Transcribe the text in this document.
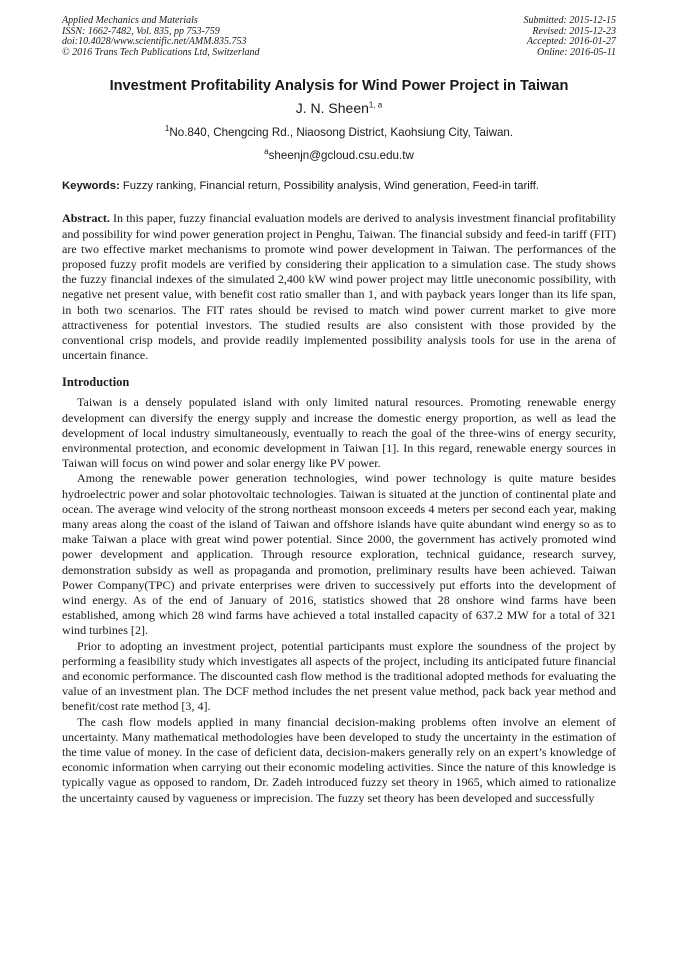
Applied Mechanics and Materials
ISSN: 1662-7482, Vol. 835, pp 753-759
doi:10.4028/www.scientific.net/AMM.835.753
© 2016 Trans Tech Publications Ltd, Switzerland
Submitted: 2015-12-15
Revised: 2015-12-23
Accepted: 2016-01-27
Online: 2016-05-11
Investment Profitability Analysis for Wind Power Project in Taiwan
J. N. Sheen$^{1, a}$
$^1$No.840, Chengcing Rd., Niaosong District, Kaohsiung City, Taiwan.
$^a$sheenjn@gcloud.csu.edu.tw
Keywords: Fuzzy ranking, Financial return, Possibility analysis, Wind generation, Feed-in tariff.
Abstract. In this paper, fuzzy financial evaluation models are derived to analysis investment financial profitability and possibility for wind power generation project in Penghu, Taiwan. The financial subsidy and feed-in tariff (FIT) are two effective market mechanisms to promote wind power development in Taiwan. The performances of the proposed fuzzy profit models are verified by considering their application to a simulation case. The study shows the fuzzy financial indexes of the simulated 2,400 kW wind power project may little uneconomic possibility, with negative net present value, with benefit cost ratio smaller than 1, and with payback years longer than its life span, in both two scenarios. The FIT rates should be revised to match wind power current market to give more attractiveness for potential investors. The studied results are also consistent with those provided by the conventional crisp models, and provide readily implemented possibility analysis tools for use in the arena of uncertain finance.
Introduction

Taiwan is a densely populated island with only limited natural resources. Promoting renewable energy development can diversify the energy supply and increase the domestic energy proportion, as well as lead the development of local industry simultaneously, eventually to reach the goal of the three-wins of energy security, environmental protection, and economic development in Taiwan [1]. In this regard, renewable energy sources in Taiwan will focus on wind power and solar energy like PV power.

Among the renewable power generation technologies, wind power technology is quite mature besides hydroelectric power and solar photovoltaic technologies. Taiwan is situated at the junction of continental plate and ocean. The average wind velocity of the strong northeast monsoon exceeds 4 meters per second each year, making many areas along the coast of the island of Taiwan and offshore islands have quite abundant wind energy so as to make Taiwan a place with great wind power potential. Since 2000, the government has actively promoted wind power development and application. Through resource exploration, technical guidance, research survey, demonstration subsidy as well as propaganda and promotion, preliminary results have been achieved. Taiwan Power Company(TPC) and private enterprises were driven to successively put efforts into the development of wind energy. As of the end of January of 2016, statistics showed that 28 onshore wind farms have been established, among which 28 wind farms have achieved a total installed capacity of 637.2 MW for a total of 321 wind turbines [2].

Prior to adopting an investment project, potential participants must explore the soundness of the project by performing a feasibility study which investigates all aspects of the project, including its anticipated future financial and economic performance. The discounted cash flow method is the traditional adopted methods for evaluating the value of an investment plan. The DCF method includes the net present value method, pack back year method and benefit/cost rate method [3, 4].

The cash flow models applied in many financial decision-making problems often involve an element of uncertainty. Many mathematical methodologies have been developed to study the uncertainty in the estimation of the time value of money. In the case of deficient data, decision-makers generally rely on an expert’s knowledge of economic information when carrying out their economic modeling activities. Since the nature of this knowledge is typically vague as opposed to random, Dr. Zadeh introduced fuzzy set theory in 1965, which aimed to rationalize the uncertainty caused by vagueness or imprecision. The fuzzy set theory has been developed and successfully
